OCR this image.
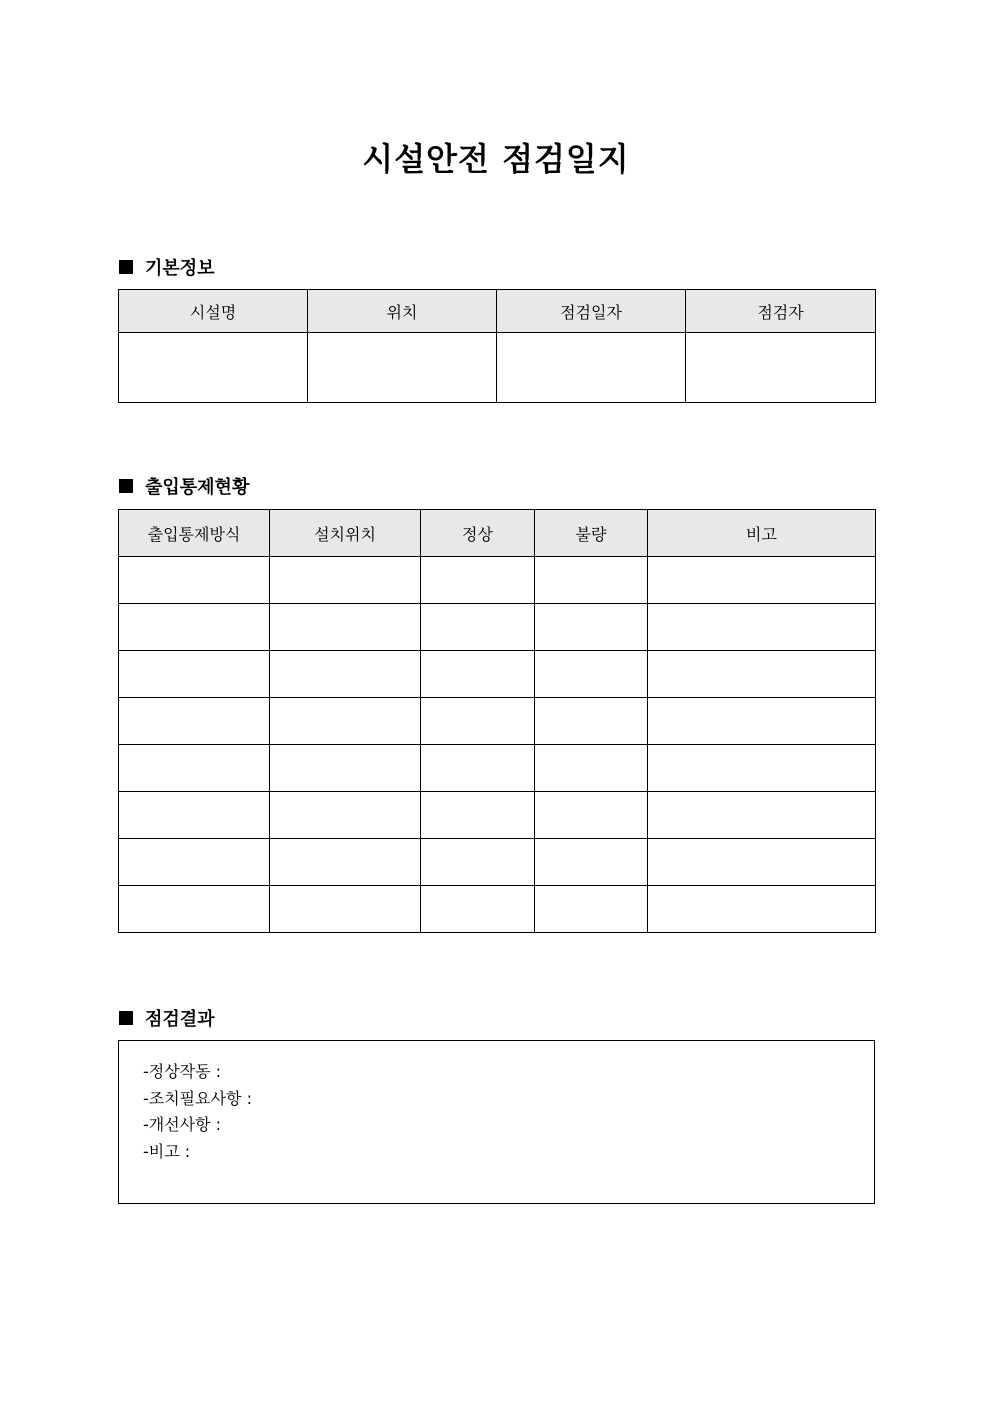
시설안전 점검일지
기본정보
시설명	위치	점검일자	점검자

출입통제현황
출입통제방식	설치위치	정상	불량	비고

점검결과
-정상작동 :
-조치필요사항 :
-개선사항 :
-비고 :
